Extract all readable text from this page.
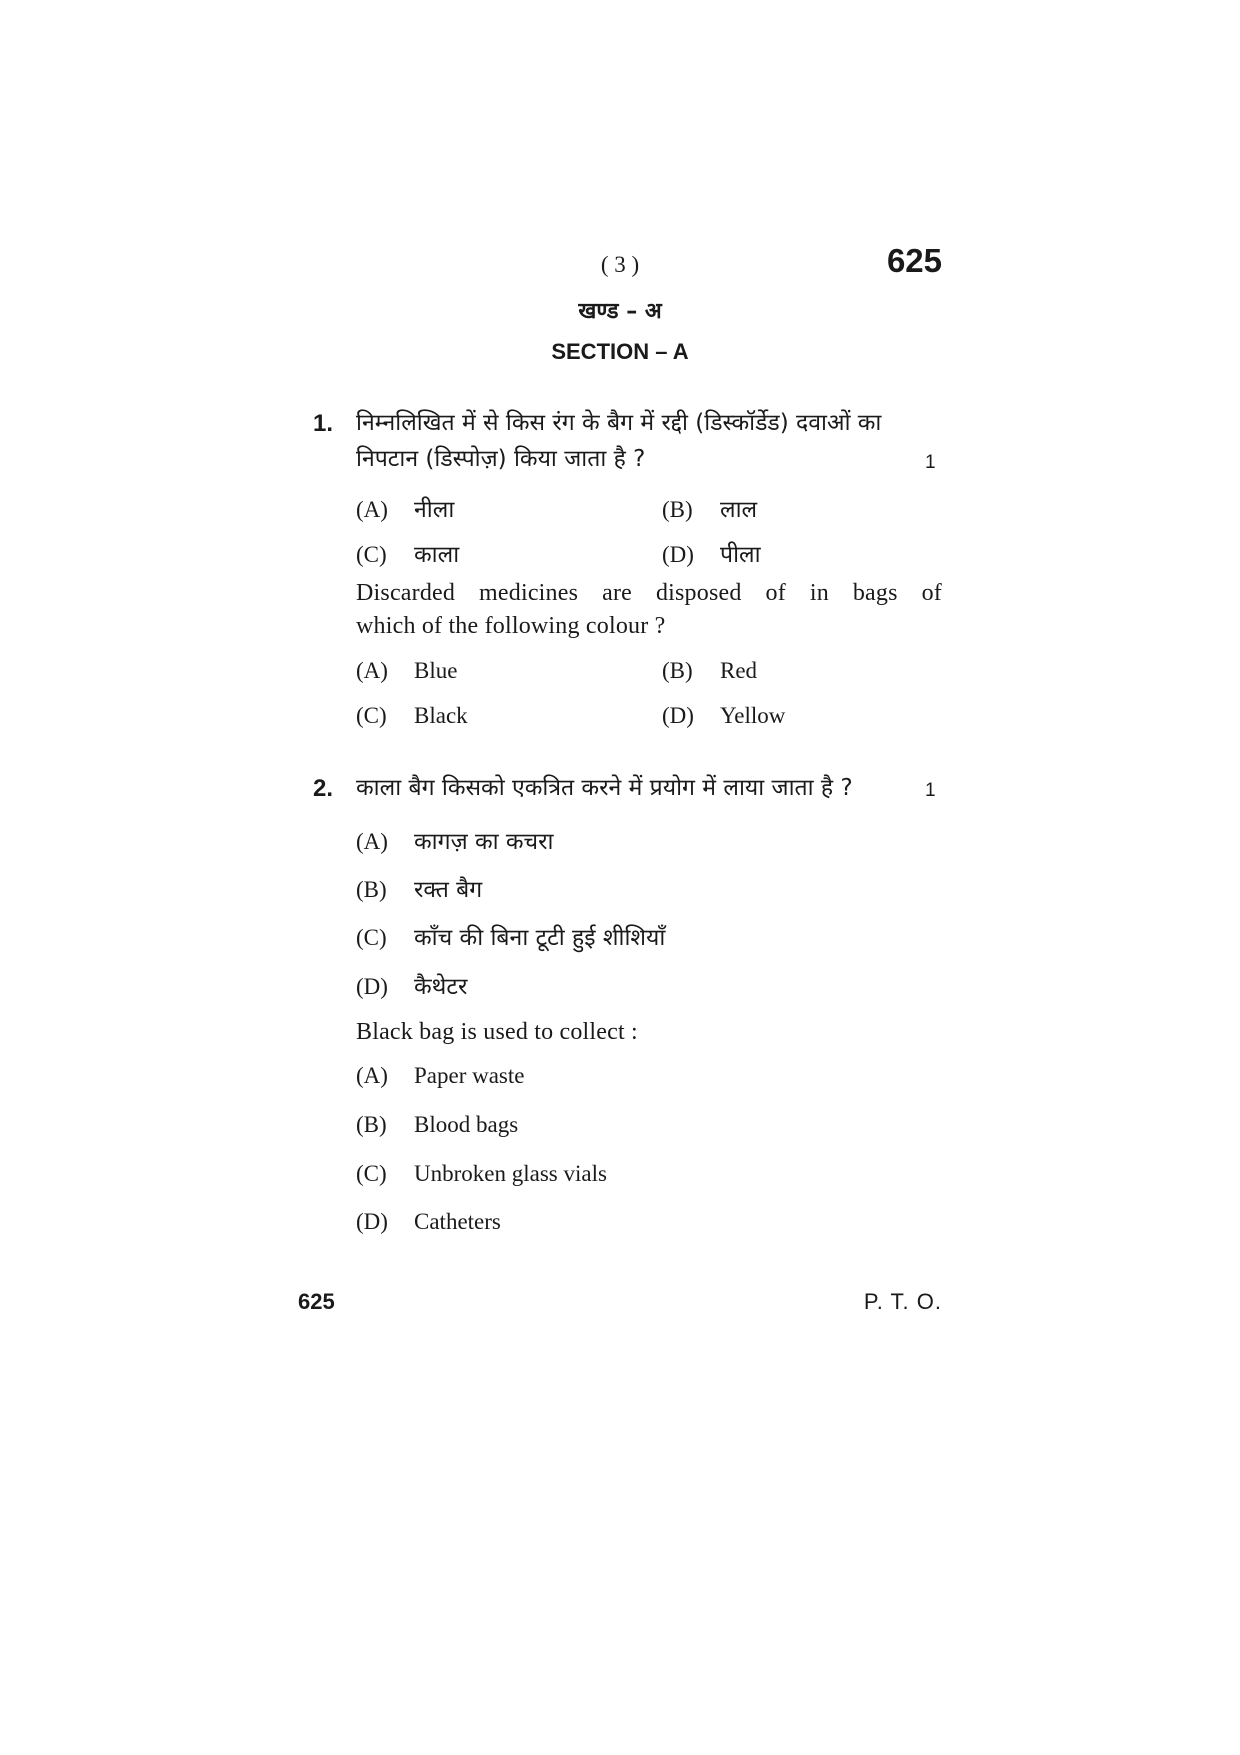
( 3 )	625
खण्ड – अ
SECTION – A
1. निम्नलिखित में से किस रंग के बैग में रद्दी (डिस्कॉर्डेड) दवाओं का
निपटान (डिस्पोज़) किया जाता है ?	1
(A) नीला	(B) लाल
(C) काला	(D) पीला
Discarded medicines are disposed of in bags of
which of the following colour ?
(A) Blue	(B) Red
(C) Black	(D) Yellow
2. काला बैग किसको एकत्रित करने में प्रयोग में लाया जाता है ?	1
(A) कागज़ का कचरा
(B) रक्त बैग
(C) काँच की बिना टूटी हुई शीशियाँ
(D) कैथेटर
Black bag is used to collect :
(A) Paper waste
(B) Blood bags
(C) Unbroken glass vials
(D) Catheters
625	P. T. O.
